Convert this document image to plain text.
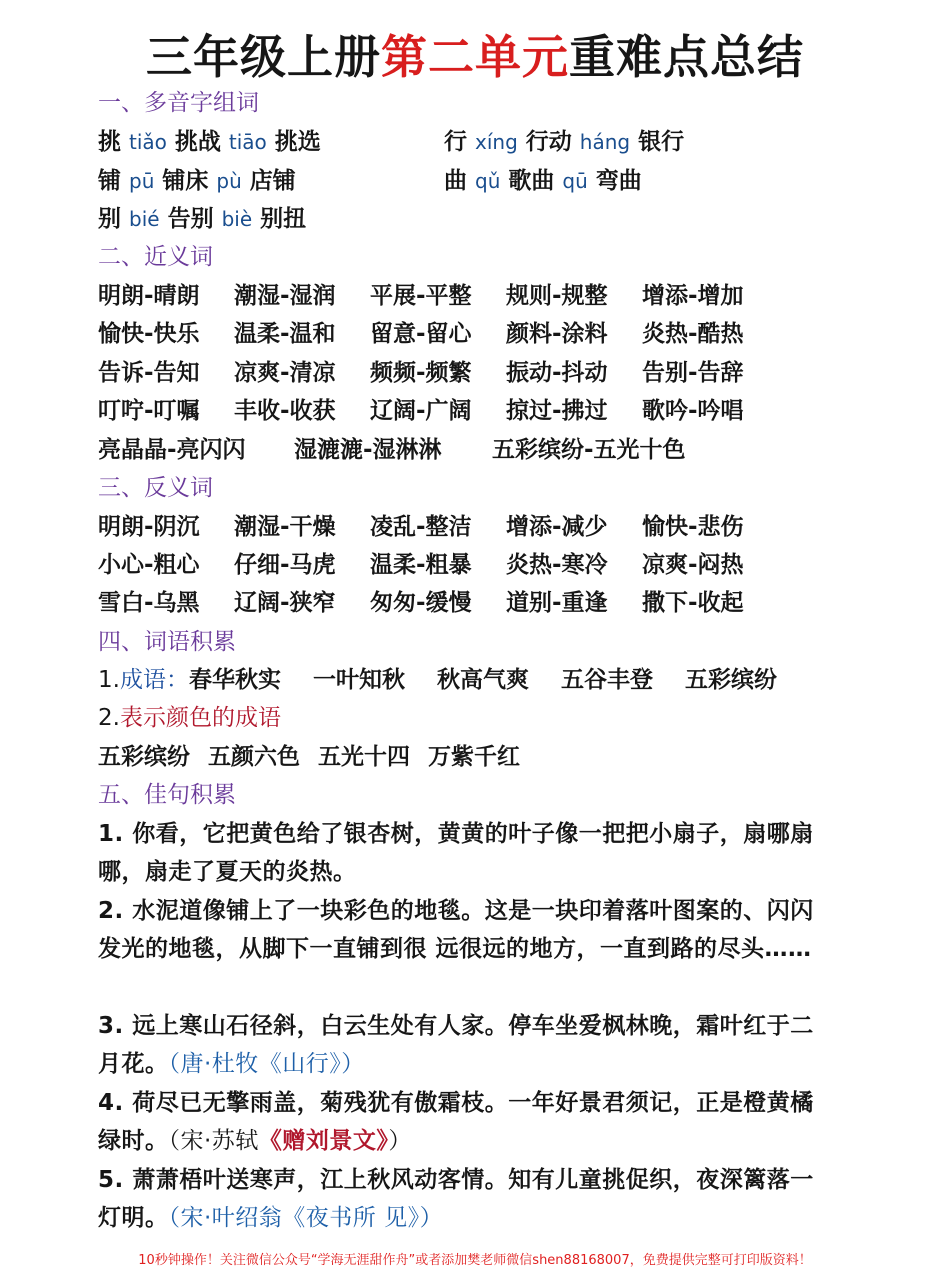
三年级上册第二单元重难点总结
一、多音字组词
挑 tiǎo 挑战 tiāo 挑选	行 xíng 行动 háng 银行
铺 pū 铺床 pù 店铺	曲 qǔ 歌曲 qū 弯曲
别 bié 告别 biè 别扭
二、近义词
明朗-晴朗 潮湿-湿润 平展-平整 规则-规整 增添-增加
愉快-快乐 温柔-温和 留意-留心 颜料-涂料 炎热-酷热
告诉-告知 凉爽-清凉 频频-频繁 振动-抖动 告别-告辞
叮咛-叮嘱 丰收-收获 辽阔-广阔 掠过-拂过 歌吟-吟唱
亮晶晶-亮闪闪 湿漉漉-湿淋淋 五彩缤纷-五光十色
三、反义词
明朗-阴沉 潮湿-干燥 凌乱-整洁 增添-减少 愉快-悲伤
小心-粗心 仔细-马虎 温柔-粗暴 炎热-寒冷 凉爽-闷热
雪白-乌黑 辽阔-狭窄 匆匆-缓慢 道别-重逢 撒下-收起
四、词语积累
1.成语：春华秋实 一叶知秋 秋高气爽 五谷丰登 五彩缤纷
2.表示颜色的成语
五彩缤纷 五颜六色 五光十四 万紫千红
五、佳句积累
1. 你看，它把黄色给了银杏树，黄黄的叶子像一把把小扇子，扇哪扇哪，扇走了夏天的炎热。
2. 水泥道像铺上了一块彩色的地毯。这是一块印着落叶图案的、闪闪发光的地毯，从脚下一直铺到很 远很远的地方，一直到路的尽头……
3. 远上寒山石径斜，白云生处有人家。停车坐爱枫林晚，霜叶红于二月花。（唐·杜牧《山行》）
4. 荷尽已无擎雨盖，菊残犹有傲霜枝。一年好景君须记，正是橙黄橘绿时。（宋·苏轼《赠刘景文》）
5. 萧萧梧叶送寒声，江上秋风动客情。知有儿童挑促织，夜深篱落一灯明。（宋·叶绍翁《夜书所 见》）
10秒钟操作！关注微信公众号“学海无涯甜作舟”或者添加樊老师微信shen88168007，免费提供完整可打印版资料！
